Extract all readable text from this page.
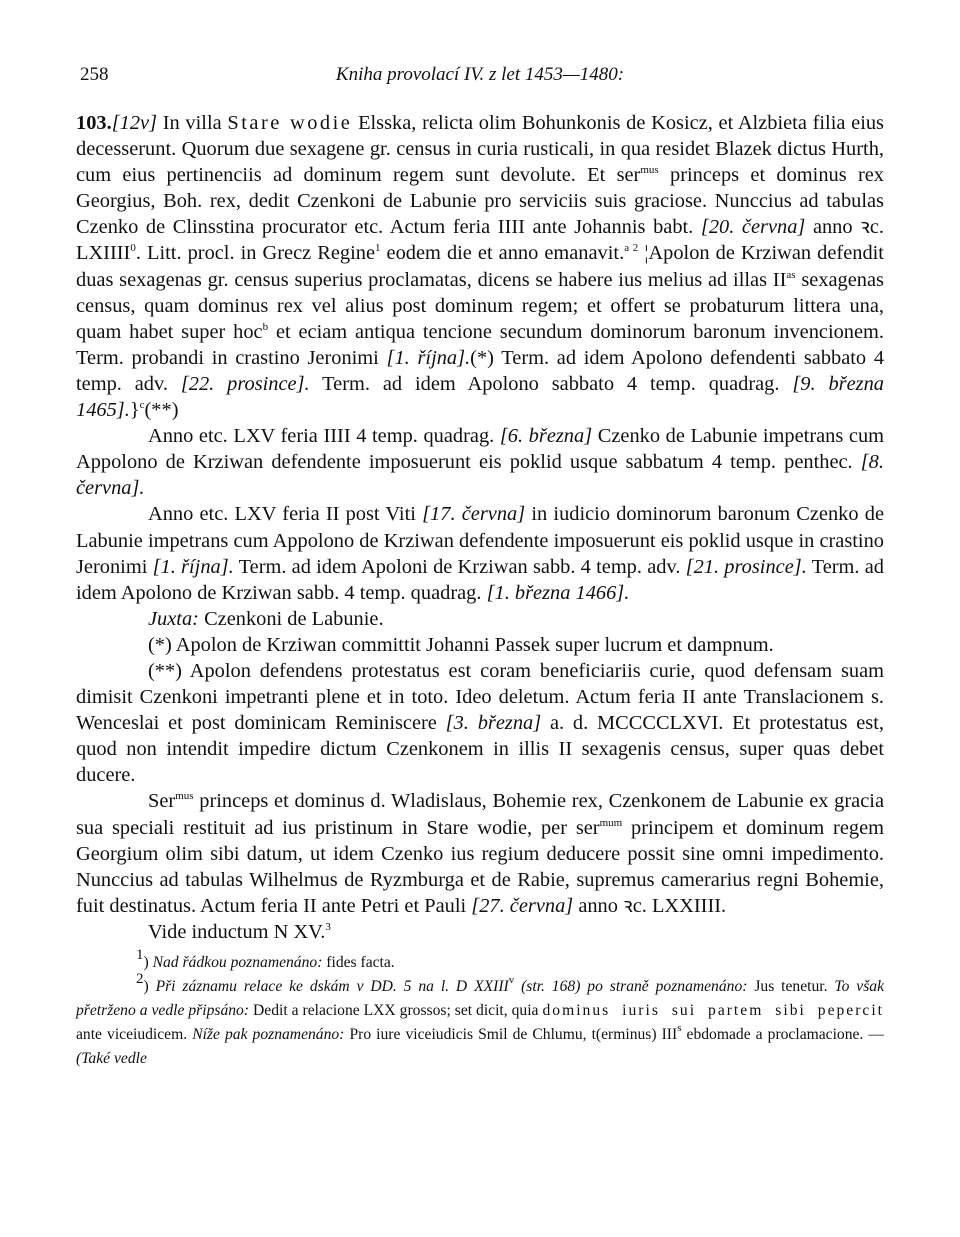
258	Kniha provolací IV. z let 1453—1480:

103.[12v] In villa Stare wodie Elsska, relicta olim Bohunkonis de Kosicz, et Alzbieta filia eius decesserunt. Quorum due sexagene gr. census in curia rusticali, in qua residet Blazek dictus Hurth, cum eius pertinenciis ad dominum regem sunt devolute. Et ser$^{mus}$ princeps et dominus rex Georgius, Boh. rex, dedit Czenkoni de Labunie pro serviciis suis graciose. Nunccius ad tabulas Czenko de Clinsstina procurator etc. Actum feria IIII ante Johannis babt. [20. června] anno ꝛc. LXIIII$^0$. Litt. procl. in Grecz Regine$^1$ eodem die et anno emanavit.$^{a 2}$ ¦Apolon de Krziwan defendit duas sexagenas gr. census superius proclamatas, dicens se habere ius melius ad illas $II^{as}$ sexagenas census, quam dominus rex vel alius post dominum regem; et offert se probaturum littera una, quam habet super hoc$^b$ et eciam antiqua tencione secundum dominorum baronum invencionem. Term. probandi in crastino Jeronimi [1. října].(*) Term. ad idem Apolono defendenti sabbato 4 temp. adv. [22. prosince]. Term. ad idem Apolono sabbato 4 temp. quadrag. [9. března 1465].}$^c$(**)

Anno etc. LXV feria IIII 4 temp. quadrag. [6. března] Czenko de Labunie impetrans cum Appolono de Krziwan defendente imposuerunt eis poklid usque sabbatum 4 temp. penthec. [8. června].

Anno etc. LXV feria II post Viti [17. června] in iudicio dominorum baronum Czenko de Labunie impetrans cum Appolono de Krziwan defendente imposuerunt eis poklid usque in crastino Jeronimi [1. října]. Term. ad idem Apoloni de Krziwan sabb. 4 temp. adv. [21. prosince]. Term. ad idem Apolono de Krziwan sabb. 4 temp. quadrag. [1. března 1466].

Juxta: Czenkoni de Labunie.

(*) Apolon de Krziwan committit Johanni Passek super lucrum et dampnum.

(**) Apolon defendens protestatus est coram beneficiariis curie, quod defensam suam dimisit Czenkoni impetranti plene et in toto. Ideo deletum. Actum feria II ante Translacionem s. Wenceslai et post dominicam Reminiscere [3. března] a. d. MCCCCLXVI. Et protestatus est, quod non intendit impedire dictum Czenkonem in illis II sexagenis census, super quas debet ducere.

Ser$^{mus}$ princeps et dominus d. Wladislaus, Bohemie rex, Czenkonem de Labunie ex gracia sua speciali restituit ad ius pristinum in Stare wodie, per ser$^{mum}$ principem et dominum regem Georgium olim sibi datum, ut idem Czenko ius regium deducere possit sine omni impedimento. Nunccius ad tabulas Wilhelmus de Ryzmburga et de Rabie, supremus camerarius regni Bohemie, fuit destinatus. Actum feria II ante Petri et Pauli [27. června] anno ꝛc. LXXIIII.

Vide inductum N XV.$^3$

$^1$) Nad řádkou poznamenáno: fides facta.

$^2$) Při záznamu relace ke dskám v DD. 5 na l. D XXIII$^v$ (str. 168) po straně poznamenáno: Jus tenetur. To však přetrženo a vedle připsáno: Dedit a relacione LXX grossos; set dicit, quia dominus iuris sui partem sibi pepercit ante viceiudicem. Níže pak poznamenáno: Pro iure viceiudicis Smil de Chlumu, t(erminus) III$^s$ ebdomade a proclamacione. — (Také vedle
